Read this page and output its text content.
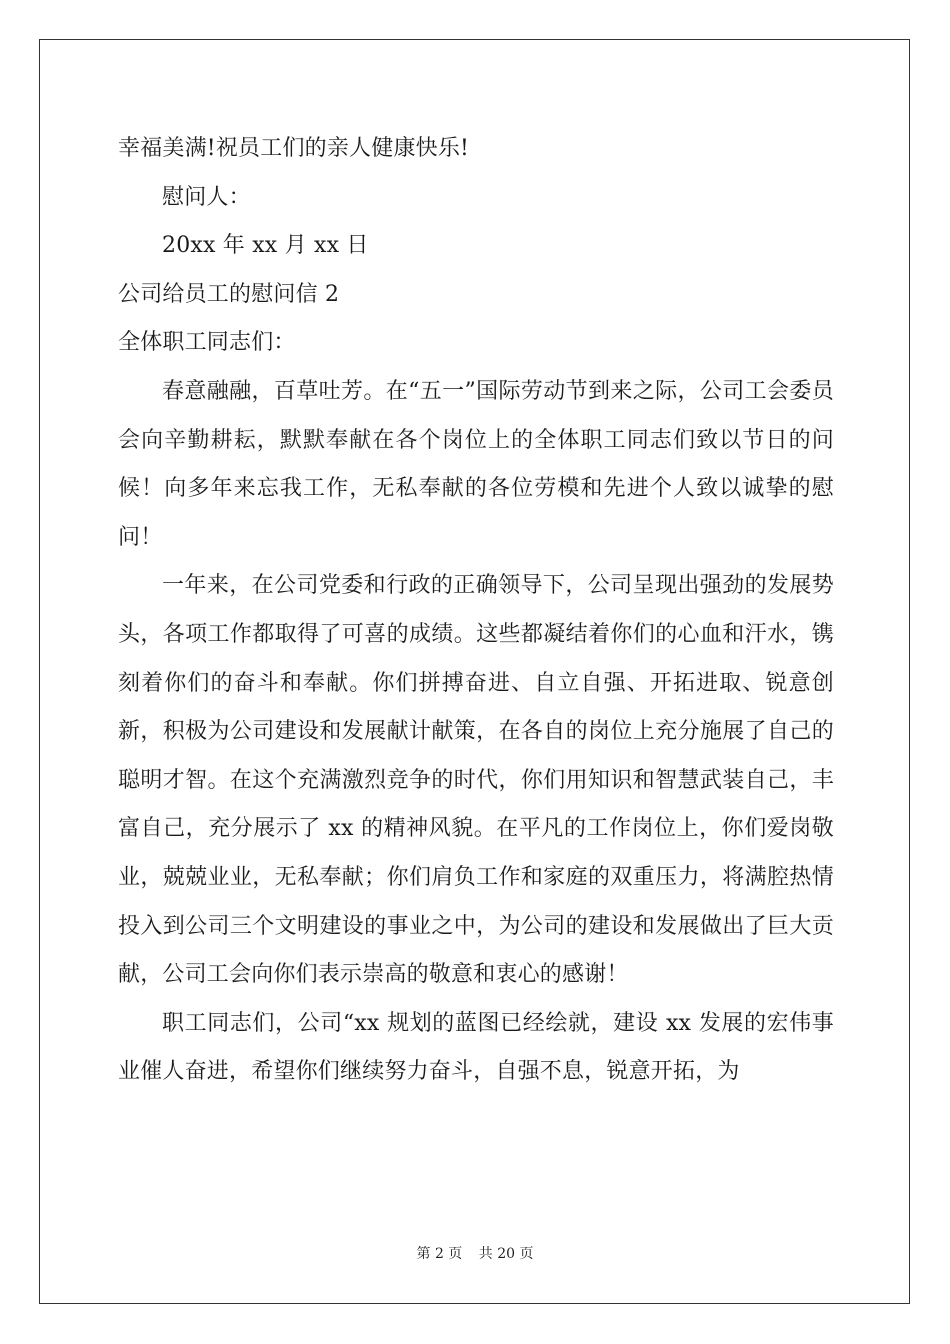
幸福美满!祝员工们的亲人健康快乐!
慰问人：
20xx 年 xx 月 xx 日
公司给员工的慰问信 2
全体职工同志们：
春意融融，百草吐芳。在“五一”国际劳动节到来之际，公司工会委员会向辛勤耕耘，默默奉献在各个岗位上的全体职工同志们致以节日的问候！向多年来忘我工作，无私奉献的各位劳模和先进个人致以诚挚的慰问！
一年来，在公司党委和行政的正确领导下，公司呈现出强劲的发展势头，各项工作都取得了可喜的成绩。这些都凝结着你们的心血和汗水，镌刻着你们的奋斗和奉献。你们拼搏奋进、自立自强、开拓进取、锐意创新，积极为公司建设和发展献计献策，在各自的岗位上充分施展了自己的聪明才智。在这个充满激烈竞争的时代，你们用知识和智慧武装自己，丰富自己，充分展示了 xx 的精神风貌。在平凡的工作岗位上，你们爱岗敬业，兢兢业业，无私奉献；你们肩负工作和家庭的双重压力，将满腔热情投入到公司三个文明建设的事业之中，为公司的建设和发展做出了巨大贡献，公司工会向你们表示崇高的敬意和衷心的感谢！
职工同志们，公司“xx 规划的蓝图已经绘就，建设 xx 发展的宏伟事业催人奋进，希望你们继续努力奋斗，自强不息，锐意开拓，为
第 2 页 共 20 页
